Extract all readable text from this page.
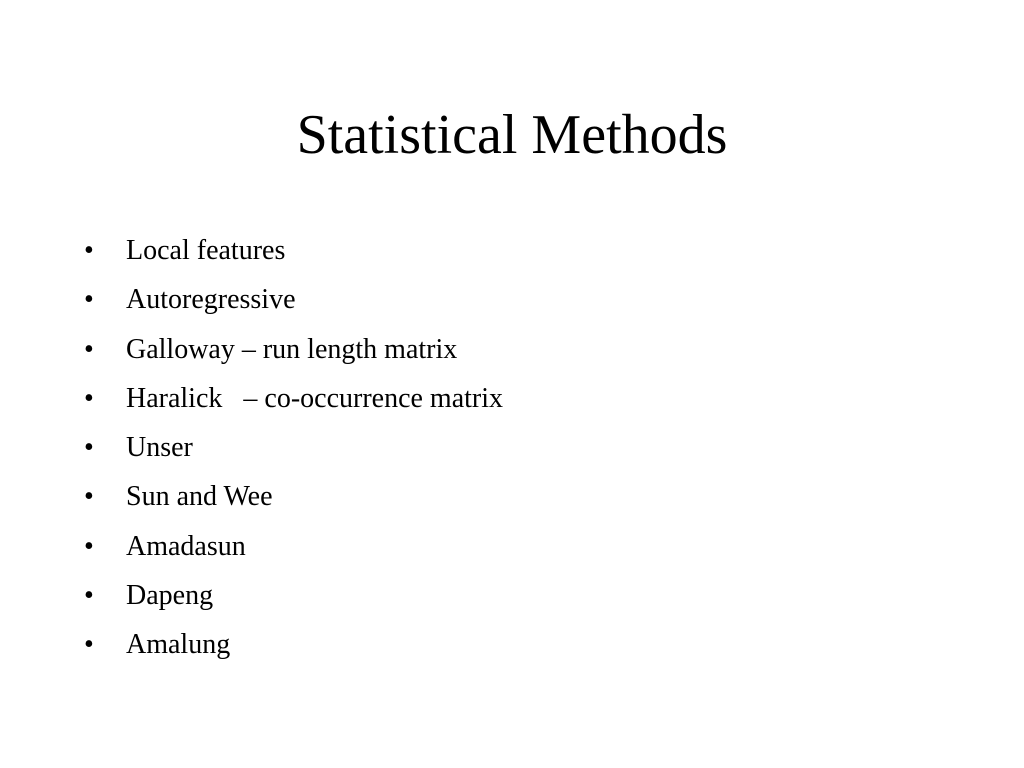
Statistical Methods
•	Local features
•	Autoregressive
•	Galloway – run length matrix
•	Haralick   – co-occurrence matrix
•	Unser
•	Sun and Wee
•	Amadasun
•	Dapeng
•	Amalung
